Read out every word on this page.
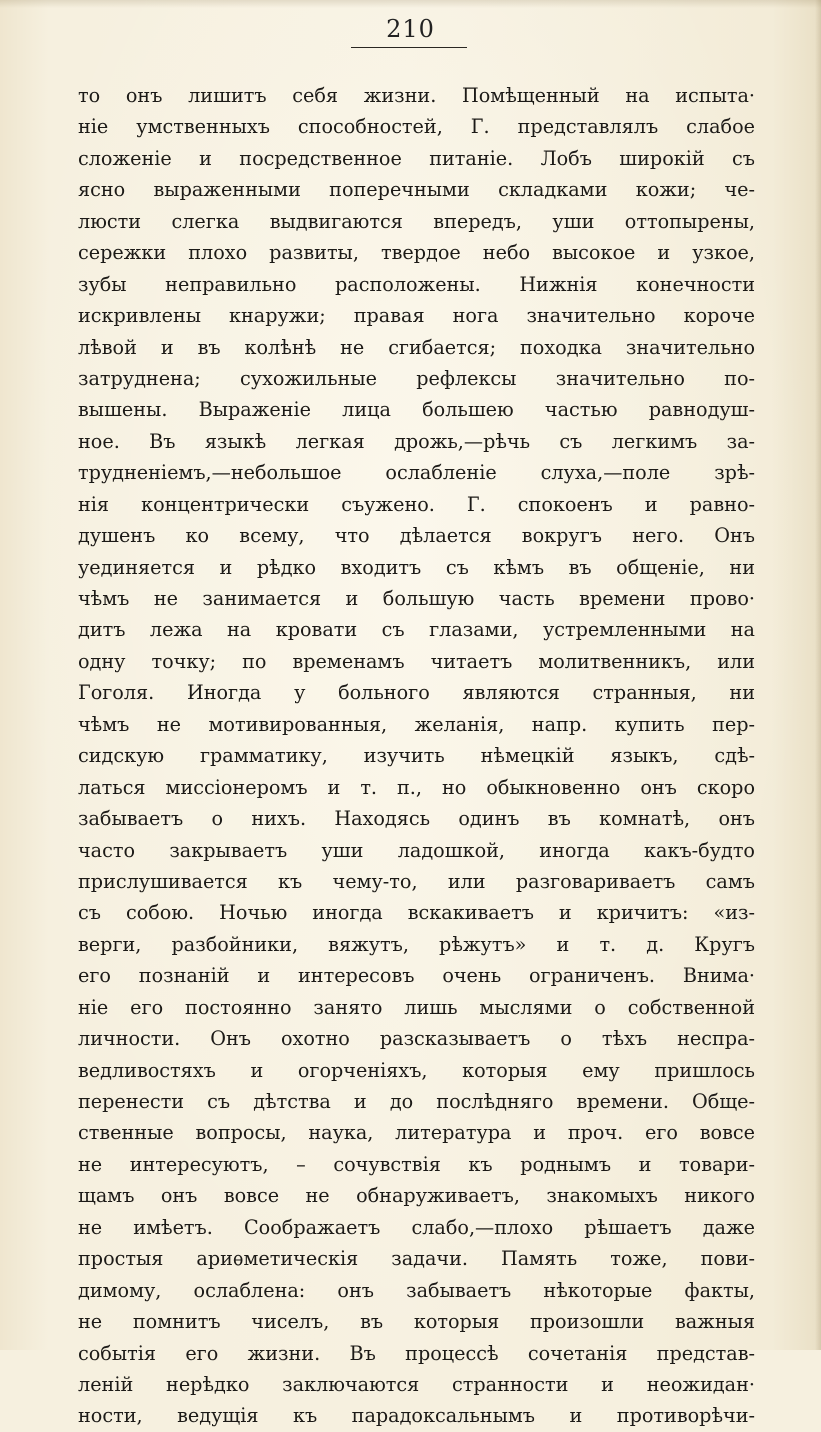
210
то онъ лишитъ себя жизни. Помѣщенный на испыта·
нiе умственныхъ способностей, Г. представлялъ слабое
сложенiе и посредственное питанiе. Лобъ широкiй съ
ясно выраженными поперечными складками кожи; че-
люсти слегка выдвигаются впередъ, уши оттопырены,
сережки плохо развиты, твердое небо высокое и узкое,
зубы неправильно расположены. Нижнiя конечности
искривлены кнаружи; правая нога значительно короче
лѣвой и въ колѣнѣ не сгибается; походка значительно
затруднена; сухожильные рефлексы значительно по-
вышены. Выраженiе лица большею частью равнодуш-
ное. Въ языкѣ легкая дрожь,—рѣчь съ легкимъ за-
трудненiемъ,—небольшое ослабленiе слуха,—поле зрѣ-
нiя концентрически съужено. Г. спокоенъ и равно-
душенъ ко всему, что дѣлается вокругъ него. Онъ
уединяется и рѣдко входитъ съ кѣмъ въ общенiе, ни
чѣмъ не занимается и большую часть времени прово·
дитъ лежа на кровати съ глазами, устремленными на
одну точку; по временамъ читаетъ молитвенникъ, или
Гоголя. Иногда у больного являются странныя, ни
чѣмъ не мотивированныя, желанiя, напр. купить пер-
сидскую грамматику, изучить нѣмецкiй языкъ, сдѣ-
латься миссiонеромъ и т. п., но обыкновенно онъ скоро
забываетъ о нихъ. Находясь одинъ въ комнатѣ, онъ
часто закрываетъ уши ладошкой, иногда какъ-будто
прислушивается къ чему-то, или разговариваетъ самъ
съ собою. Ночью иногда вскакиваетъ и кричитъ: «из-
верги, разбойники, вяжутъ, рѣжутъ» и т. д. Кругъ
его познанiй и интересовъ очень ограниченъ. Внима·
нiе его постоянно занято лишь мыслями о собственной
личности. Онъ охотно разсказываетъ о тѣхъ неспра-
ведливостяхъ и огорченiяхъ, которыя ему пришлось
перенести съ дѣтства и до послѣдняго времени. Обще-
ственные вопросы, наука, литература и проч. его вовсе
не интересуютъ, – сочувствiя къ роднымъ и товари-
щамъ онъ вовсе не обнаруживаетъ, знакомыхъ никого
не имѣетъ. Соображаетъ слабо,—плохо рѣшаетъ даже
простыя ариѳметическiя задачи. Память тоже, пови-
димому, ослаблена: онъ забываетъ нѣкоторые факты,
не помнитъ чиселъ, въ которыя произошли важныя
событiя его жизни. Въ процессѣ сочетанiя представ-
ленiй нерѣдко заключаются странности и неожидан·
ности, ведущiя къ парадоксальнымъ и противорѣчи-
